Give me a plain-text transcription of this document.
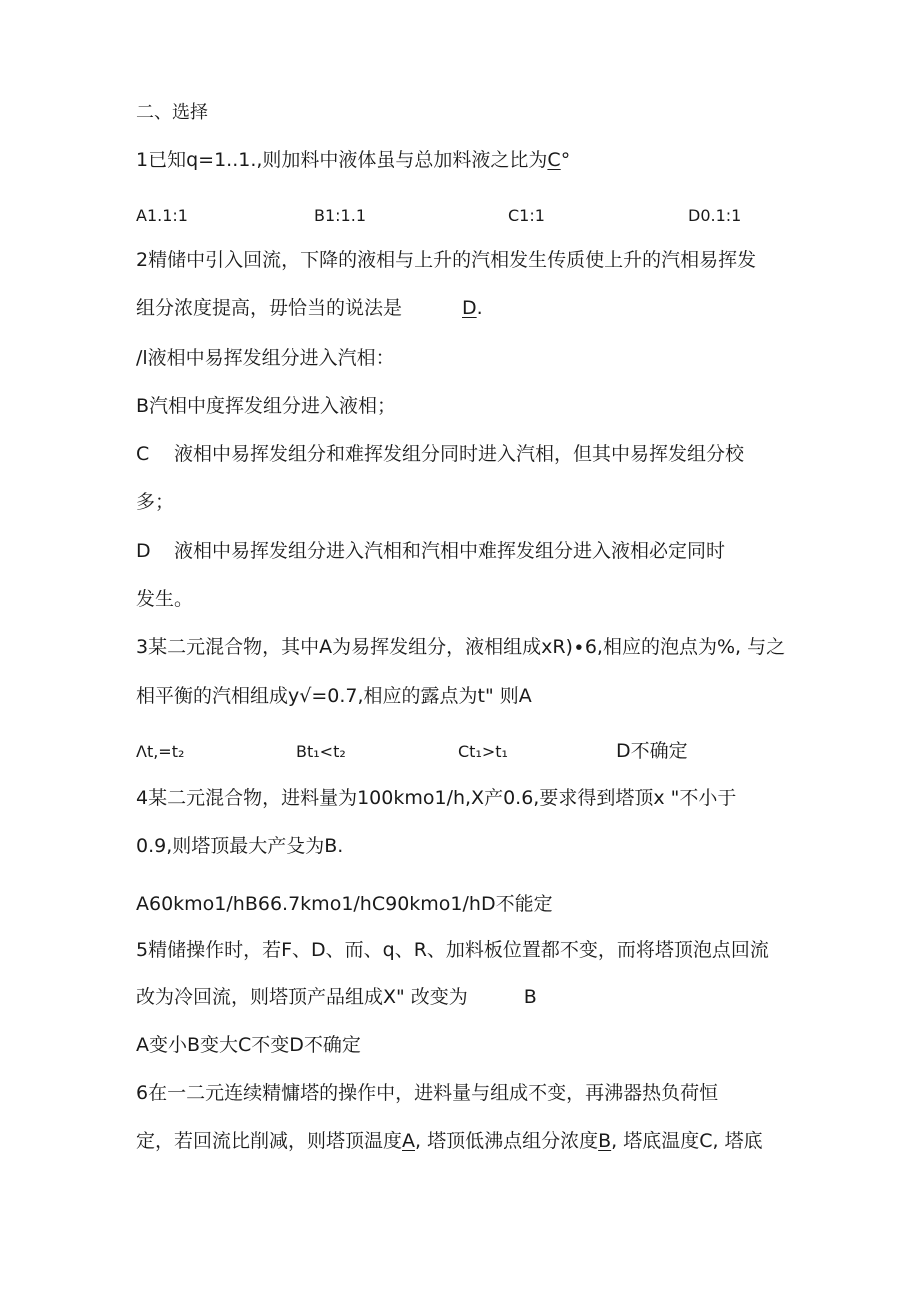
二、选择
1已知q=1..1.,则加料中液体虽与总加料液之比为C°
A1.1:1	B1:1.1	C1:1	D0.1:1
2精储中引入回流，下降的液相与上升的汽相发生传质使上升的汽相易挥发
组分浓度提高，毋恰当的说法是	D.
∕l液相中易挥发组分进入汽相：
B汽相中度挥发组分进入液相；
C 液相中易挥发组分和难挥发组分同时进入汽相，但其中易挥发组分校
多；
D 液相中易挥发组分进入汽相和汽相中难挥发组分进入液相必定同时
发生。
3某二元混合物，其中A为易挥发组分，液相组成xR)∙6,相应的泡点为%, 与之
相平衡的汽相组成y√=0.7,相应的露点为t" 则A
Λt,=t₂	Bt₁<t₂	Ct₁>t₁	D不确定
4某二元混合物，进料量为100kmo1∕h,X产0.6,要求得到塔顶x "不小于
0.9,则塔顶最大产殳为B.
A60kmo1∕hB66.7kmo1∕hC90kmo1∕hD不能定
5精储操作时，若F、D、而、q、R、加料板位置都不变，而将塔顶泡点回流
改为冷回流，则塔顶产品组成X" 改变为	B
A变小B变大C不变D不确定
6在一二元连续精慵塔的操作中，进料量与组成不变，再沸器热负荷恒
定，若回流比削减，则塔顶温度A, 塔顶低沸点组分浓度B, 塔底温度C, 塔底
